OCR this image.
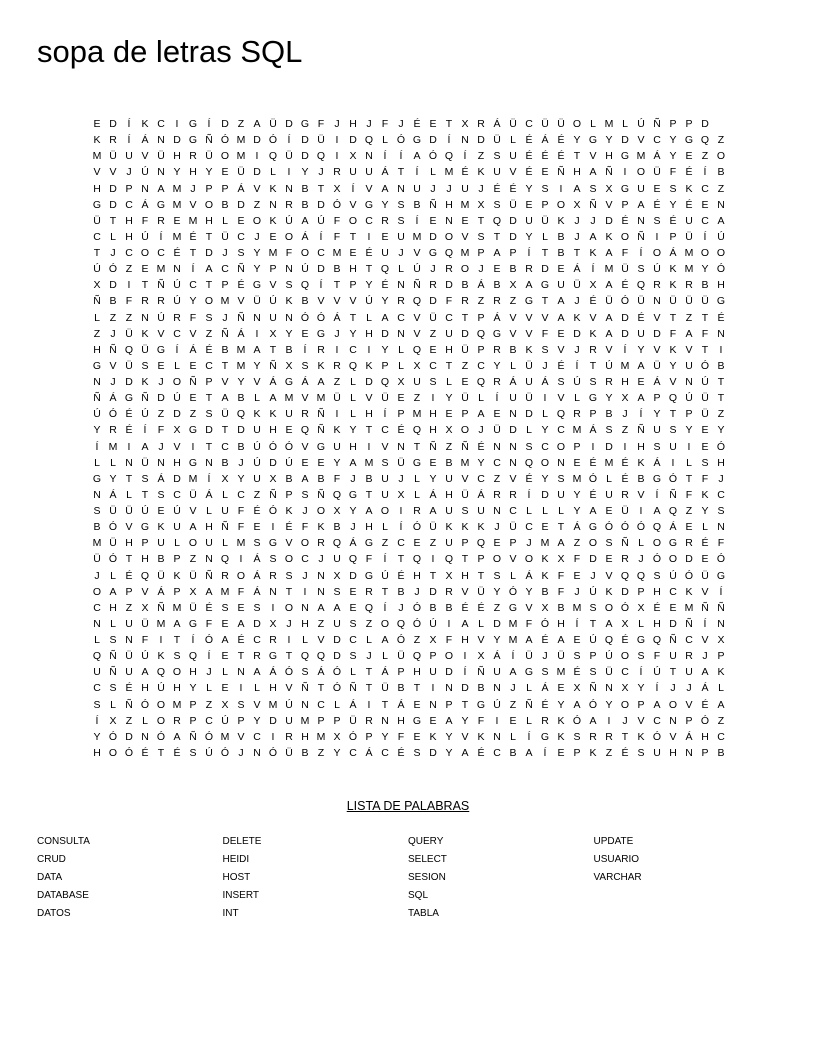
sopa de letras SQL
E D	Í	K C	I G Í	D Z A Ü D G F J H J F J É E T X R Á Ü C Ü Ü O L M L Ú Ñ P P D
K R	Í	Á N D G Ñ Ó M D Ó Í	D Ü	I	D Q L Ó G D	Í	N D Ü L É Á É Y G Y D V C Y G Q Z
M Ü U V Ü H R Ü O M I Q Ü D Q I	X N	Í	Í	A Ó Q Í	Z S U É É É T V H G M Á Y E Z O
V V J Ú N Y H Y E Ü D L	I	Y J R U U Á T	Í	L M É K U V É E Ñ H A Ñ	I O Ü F É	Í	B
H D P N A M J P P Á V K N B T X	Í	V A N U J	J U J É É Y S	I	A S X G U E S K C Z
G D C Á G M V O B D Z N R B D Ó V G Y S B Ñ H M X S Ü E P O X Ñ V P A É Y É E N
Ü T H F R E M H L E O K Ú A Ú F O C R S	Í	E N E T Q D U Ü K J	J D É N S É U C A
C L H Ú	Í M É T Ü C J E O Á	Í	F T	I	E U M D O V S T D Y L B J A K O Ñ	I	P Ü	Í	Ú
T J C O C É T D J S Y M F O C M E É U J V G Q M P A P	Í	T B T K A F	Í O Á M O O
Ú Ó Z E M N	Í	A C Ñ Y P N Ú D B H T Q L Ú J R O J E B R D E Á	Í M Ü S Ú K M Y Ó
X D	I	T Ñ Ú C T P É G V S Q Í	T P Y É N Ñ R D B Á B X A G U Ü X A É Q R K R B H
Ñ B F R R Ú Y O M V Ü Ú K B V V V Ú Y R Q D F R Z R Z G T A J É Ü Ó Ü N Ü Ü Ü G
L Z Z N Ú R F S J Ñ N U N Ó Ó Á T L A C V Ü C T P Á V V V A K V A D É V T Z T É
Z J Ü K V C V Z Ñ Á	I	X Y E G J Y H D N V Z U D Q G V V F E D K A D U D F A F N
H Ñ Q Ü G Í	Á É B M A T B	Í	R	I	C	I	Y L Q E H Ü P R B K S V J R V	Í	Y V K V T	I
G V Ü S E L E C T M Y Ñ X S K R Q K P L X C T Z C Y L Ü J É	Í	T Ú M A Ü Y U Ó B
N J D K J O Ñ P V Y V Á G Á A Z L D Q X U S L E Q R Á U Á S Ú S R H E Á V N Ú T
Ñ Á G Ñ D Ú E T A B L A M V M Ü L V Ü E Z	I	Y Ü L	Í	U Ü	I	V L G Y X A P Q Ú Ü T
Ú Ó É Ú Z D Z S Ü Q K K U R Ñ	I	L H	Í	P M H E P A E N D L Q R P B J	Í	Y T P Ü Z
Y R É	Í	F X G D T D U H E Q Ñ K Y T C É Q H X O J Ü D L Y C M Á S Z Ñ U S Y E Y
Í M I	A J V	I	T C B Ú Ó Ó V G U H	I	V N T Ñ Z Ñ É N N S C O P	I	D	I	H S U	I	E Ó
L L N Ü N H G N B J Ú D Ú E E Y A M S Ü G E B M Y C N Q O N E É M É K Á	I	L S H
G Y T S Á D M Í	X Y U X B A B F J B U J L Y U V C Z V É Y S M Ó L É B G Ó T F J
N Á L T S C Ü Á L C Z Ñ P S Ñ Q G T U X L Á H Ü Á R R	Í	D U Y É U R V	Í	Ñ F K C
S Ü Ü Ú E Ú V L U F É Ó K J O X Y A O I	R A U S U N C L L L Y A E Ü	I	A Q Z Y S
B Ó V G K U A H Ñ F E	I	É F K B J H L	Í Ó Ü K K K J Ü C E T Á G Ó Ó Ó Q Á E L N
M Ü H P U L O U L M S G V O R Q Á G Z C E Z U P Q E P J M A Z O S Ñ L O G R É F
Ü Ó T H B P Z N Q I	Á S O C J U Q F	Í	T Q I Q T P O V O K X F D E R J Ó O D E Ó
J L É Q Ü K Ü Ñ R O Á R S J N X D G Ú É H T X H T S L Á K F E J V Q Q S Ú Ó Ü G
O A P V Á P X A M F Á N T	I	N S E R T B J D R V Ü Y Ó Y B F J Ú K D P H C K V	Í
C H Z X Ñ M Ü É S E S	I O N A A E Q Í	J Ó B B É É Z G V X B M S O Ó X É E M Ñ Ñ
N L U Ü M A G F E A D X J H Z U S Z O Q Ó Ú	I	A L D M F Ó H	Í	T A X L H D Ñ	Í	N
L S N F	I	T	Í Ó A É C R	I	L V D C L A Ó Z X F H V Y M A É A E Ú Q É G Q Ñ C V X
Q Ñ Ü Ú K S Q Í	E T R G T Q Q D S J L Ü Q P O I	X Á	Í	Ü J Ü S P Ú O S F U R J P
U Ñ U A Q O H J L N A Á Ó S Á Ó L T Á P H U D	Í	Ñ U A G S M É S Ü C	Í	Ú T U A K
C S É H Ú H Y L E	I	L H V Ñ T Ó Ñ T Ü B T	I	N D B N J L Á E X Ñ N X Y	Í	J	J Á L
S L Ñ Ó O M P Z X S V M Ú N C L Á	I	T Á E N P T G Ú Z Ñ É Y A Ó Y O P A O V É A
Í	X Z L O R P C Ú P Y D U M P P Ü R N H G E A Y F	I	E L R K Ó A	I	J V C N P Ó Z
Y Ó D N Ó A Ñ Ó M V C	I	R H M X Ó P Y F E K Y V K N L	Í G K S R R T K Ó V Á H C
H O Ó É T É S Ú Ó J N Ó Ü B Z Y C Á C É S D Y A É C B A	Í	E P K Z É S U H N P B
LISTA DE PALABRAS
CONSULTA
CRUD
DATA
DATABASE
DATOS
DELETE
HEIDI
HOST
INSERT
INT
QUERY
SELECT
SESION
SQL
TABLA
UPDATE
USUARIO
VARCHAR
